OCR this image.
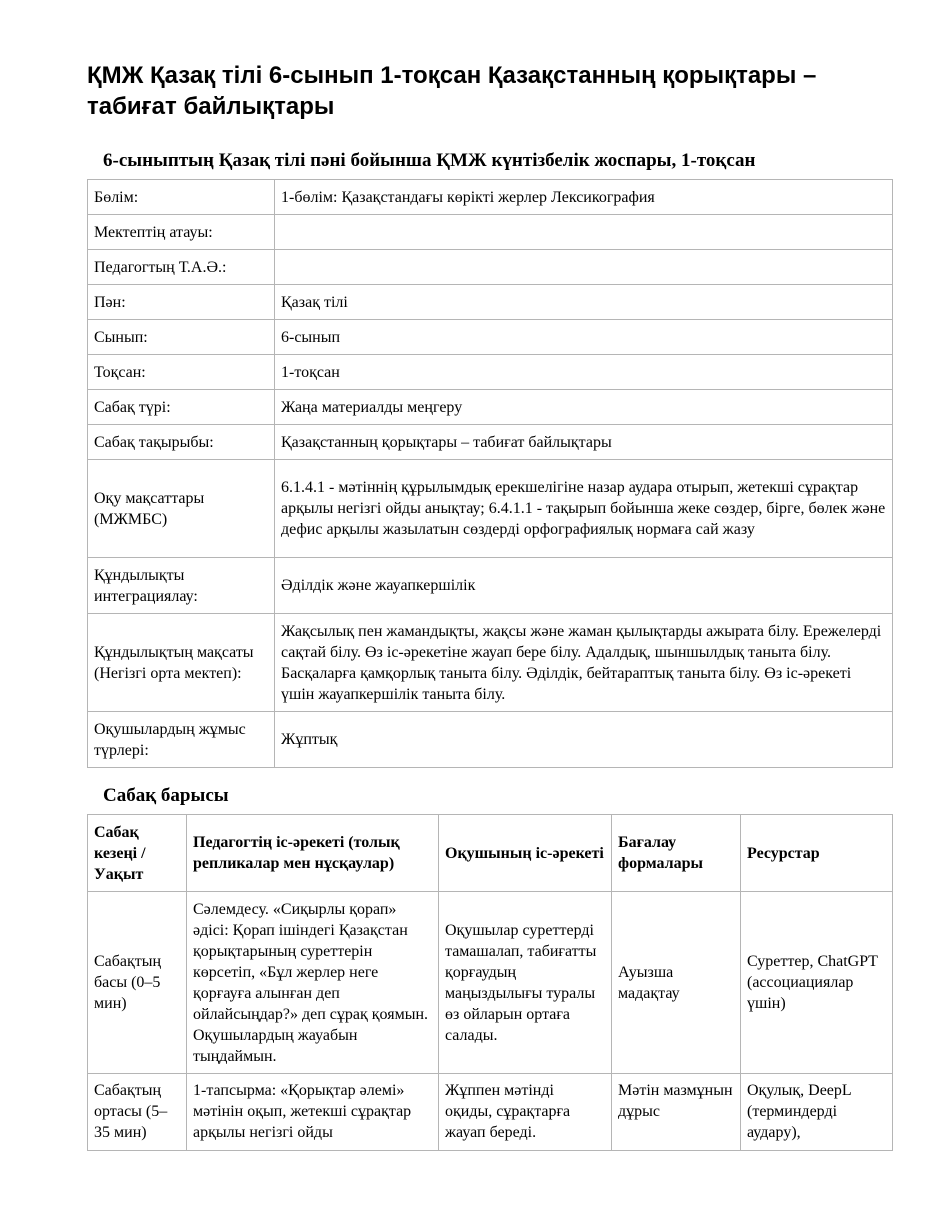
ҚМЖ Қазақ тілі 6-сынып 1-тоқсан Қазақстанның қорықтары – табиғат байлықтары
6-сыныптың Қазақ тілі пәні бойынша ҚМЖ күнтізбелік жоспары, 1-тоқсан
Бөлім:	1-бөлім: Қазақстандағы көрікті жерлер Лексикография
Мектептің атауы:	
Педагогтың Т.А.Ә.:	
Пән:	Қазақ тілі
Сынып:	6-сынып
Тоқсан:	1-тоқсан
Сабақ түрі:	Жаңа материалды меңгеру
Сабақ тақырыбы:	Қазақстанның қорықтары – табиғат байлықтары
Оқу мақсаттары (МЖМБС)	6.1.4.1 - мәтіннің құрылымдық ерекшелігіне назар аудара отырып, жетекші сұрақтар арқылы негізгі ойды анықтау; 6.4.1.1 - тақырып бойынша жеке сөздер, бірге, бөлек және дефис арқылы жазылатын сөздерді орфографиялық нормаға сай жазу
Құндылықты интеграциялау:	Әділдік және жауапкершілік
Құндылықтың мақсаты (Негізгі орта мектеп):	Жақсылық пен жамандықты, жақсы және жаман қылықтарды ажырата білу. Ережелерді сақтай білу. Өз іс-әрекетіне жауап бере білу. Адалдық, шыншылдық таныта білу. Басқаларға қамқорлық таныта білу. Әділдік, бейтараптық таныта білу. Өз іс-әрекеті үшін жауапкершілік таныта білу.
Оқушылардың жұмыс түрлері:	Жұптық
Сабақ барысы
Сабақ кезеңі / Уақыт	Педагогтің іс-әрекеті (толық репликалар мен нұсқаулар)	Оқушының іс-әрекеті	Бағалау формалары	Ресурстар
Сабақтың басы (0–5 мин)	Сәлемдесу. «Сиқырлы қорап» әдісі: Қорап ішіндегі Қазақстан қорықтарының суреттерін көрсетіп, «Бұл жерлер неге қорғауға алынған деп ойлайсыңдар?» деп сұрақ қоямын. Оқушылардың жауабын тыңдаймын.	Оқушылар суреттерді тамашалап, табиғатты қорғаудың маңыздылығы туралы өз ойларын ортаға салады.	Ауызша мадақтау	Суреттер, ChatGPT (ассоциациялар үшін)
Сабақтың ортасы (5–35 мин)	1-тапсырма: «Қорықтар әлемі» мәтінін оқып, жетекші сұрақтар арқылы негізгі ойды	Жұппен мәтінді оқиды, сұрақтарға жауап береді.	Мәтін мазмұнын дұрыс	Оқулық, DeepL (терминдерді аудару),
